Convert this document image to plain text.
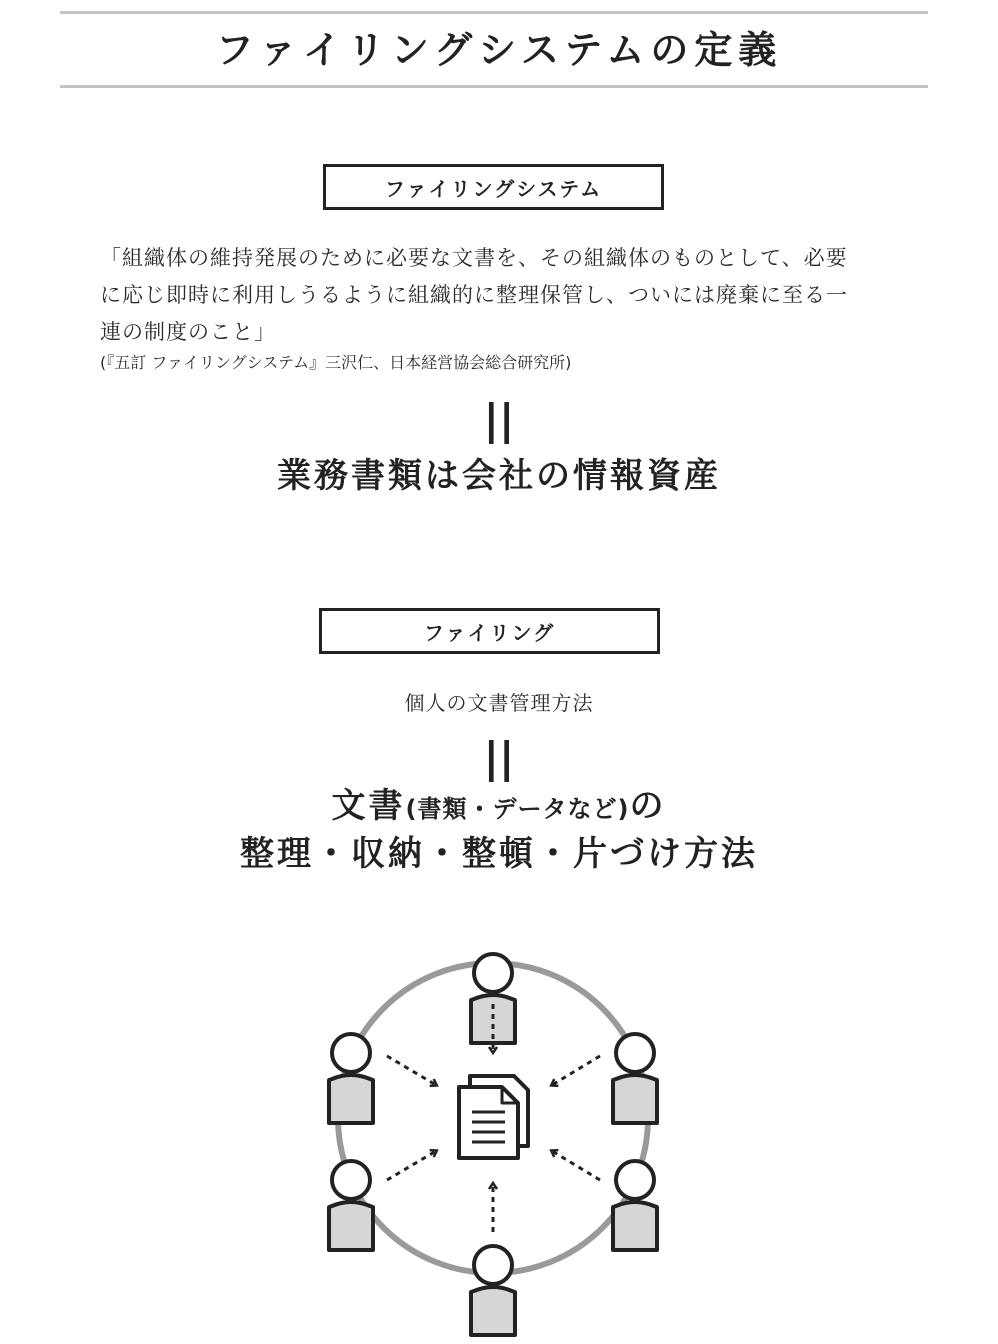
ファイリングシステムの定義
ファイリングシステム
「組織体の維持発展のために必要な文書を、その組織体のものとして、必要
に応じ即時に利用しうるように組織的に整理保管し、ついには廃棄に至る一
連の制度のこと」
(『五訂 ファイリングシステム』三沢仁、日本経営協会総合研究所)
||
業務書類は会社の情報資産
ファイリング
個人の文書管理方法
||
文書(書類・データなど)の
整理・収納・整頓・片づけ方法
